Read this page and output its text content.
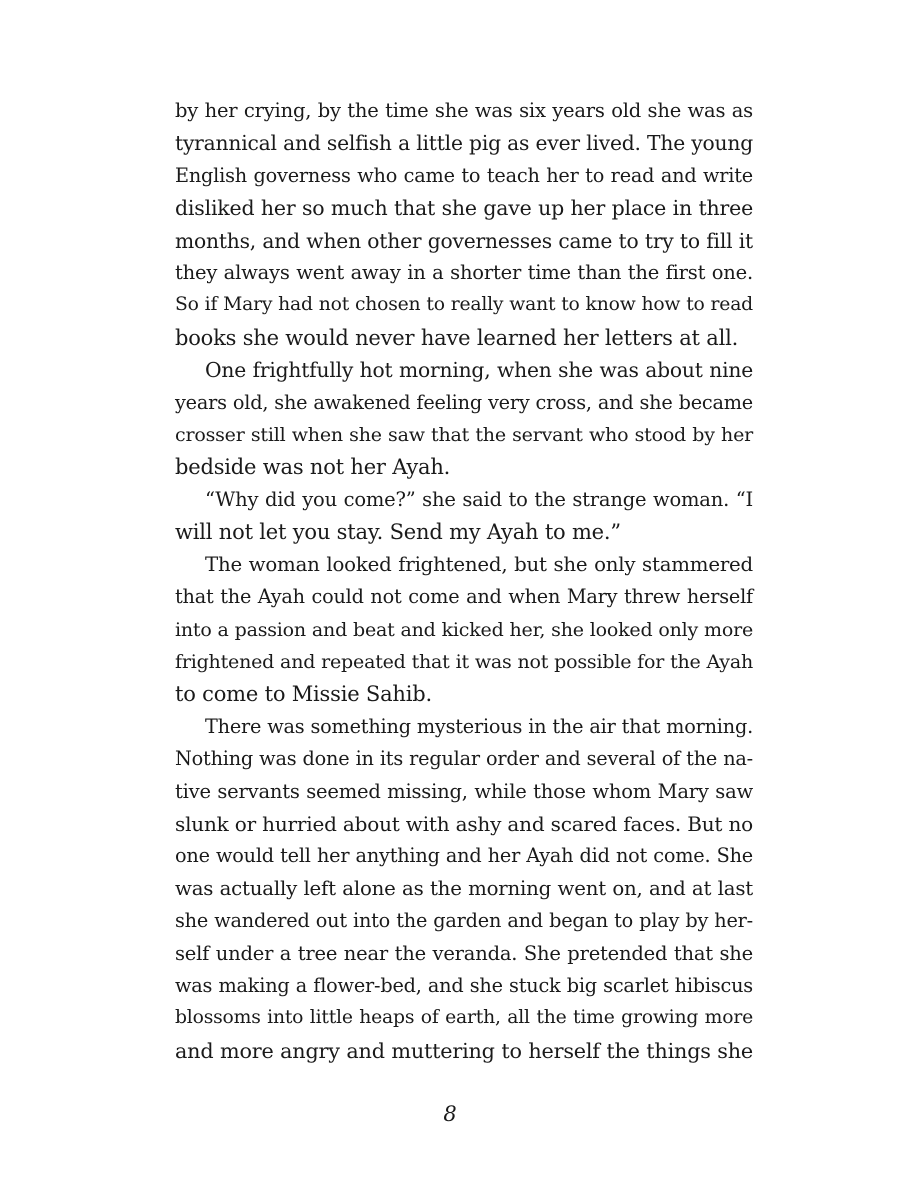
by her crying, by the time she was six years old she was as
tyrannical and selfish a little pig as ever lived. The young
English governess who came to teach her to read and write
disliked her so much that she gave up her place in three
months, and when other governesses came to try to fill it
they always went away in a shorter time than the first one.
So if Mary had not chosen to really want to know how to read
books she would never have learned her letters at all.

One frightfully hot morning, when she was about nine
years old, she awakened feeling very cross, and she became
crosser still when she saw that the servant who stood by her
bedside was not her Ayah.

“Why did you come?” she said to the strange woman. “I
will not let you stay. Send my Ayah to me.”

The woman looked frightened, but she only stammered
that the Ayah could not come and when Mary threw herself
into a passion and beat and kicked her, she looked only more
frightened and repeated that it was not possible for the Ayah
to come to Missie Sahib.

There was something mysterious in the air that morning.
Nothing was done in its regular order and several of the na-
tive servants seemed missing, while those whom Mary saw
slunk or hurried about with ashy and scared faces. But no
one would tell her anything and her Ayah did not come. She
was actually left alone as the morning went on, and at last
she wandered out into the garden and began to play by her-
self under a tree near the veranda. She pretended that she
was making a flower-bed, and she stuck big scarlet hibiscus
blossoms into little heaps of earth, all the time growing more
and more angry and muttering to herself the things she

8
